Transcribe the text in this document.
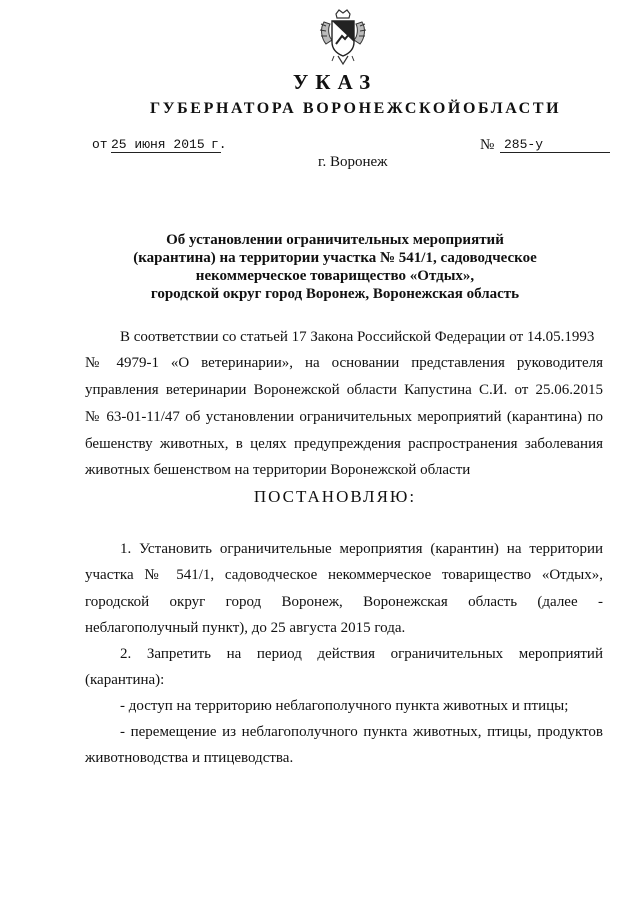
УКАЗ
ГУБЕРНАТОРА ВОРОНЕЖСКОЙОБЛАСТИ
от 25 июня 2015 г.	№ 285-у
г. Воронеж
Об установлении ограничительных мероприятий
(карантина) на территории участка № 541/1, садоводческое
некоммерческое товарищество «Отдых»,
городской округ город Воронеж, Воронежская область
В соответствии со статьей 17 Закона Российской Федерации от 14.05.1993
№ 4979-1 «О ветеринарии», на основании представления руководителя
управления ветеринарии Воронежской области Капустина С.И. от 25.06.2015
№ 63-01-11/47 об установлении ограничительных мероприятий (карантина) по
бешенству животных, в целях предупреждения распространения заболевания
животных бешенством на территории Воронежской области
ПОСТАНОВЛЯЮ:
1. Установить ограничительные мероприятия (карантин) на территории
участка № 541/1, садоводческое некоммерческое товарищество «Отдых»,
городской округ город Воронеж, Воронежская область (далее -
неблагополучный пункт), до 25 августа 2015 года.
2. Запретить на период действия ограничительных мероприятий
(карантина):
- доступ на территорию неблагополучного пункта животных и птицы;
- перемещение из неблагополучного пункта животных, птицы, продуктов
животноводства и птицеводства.
